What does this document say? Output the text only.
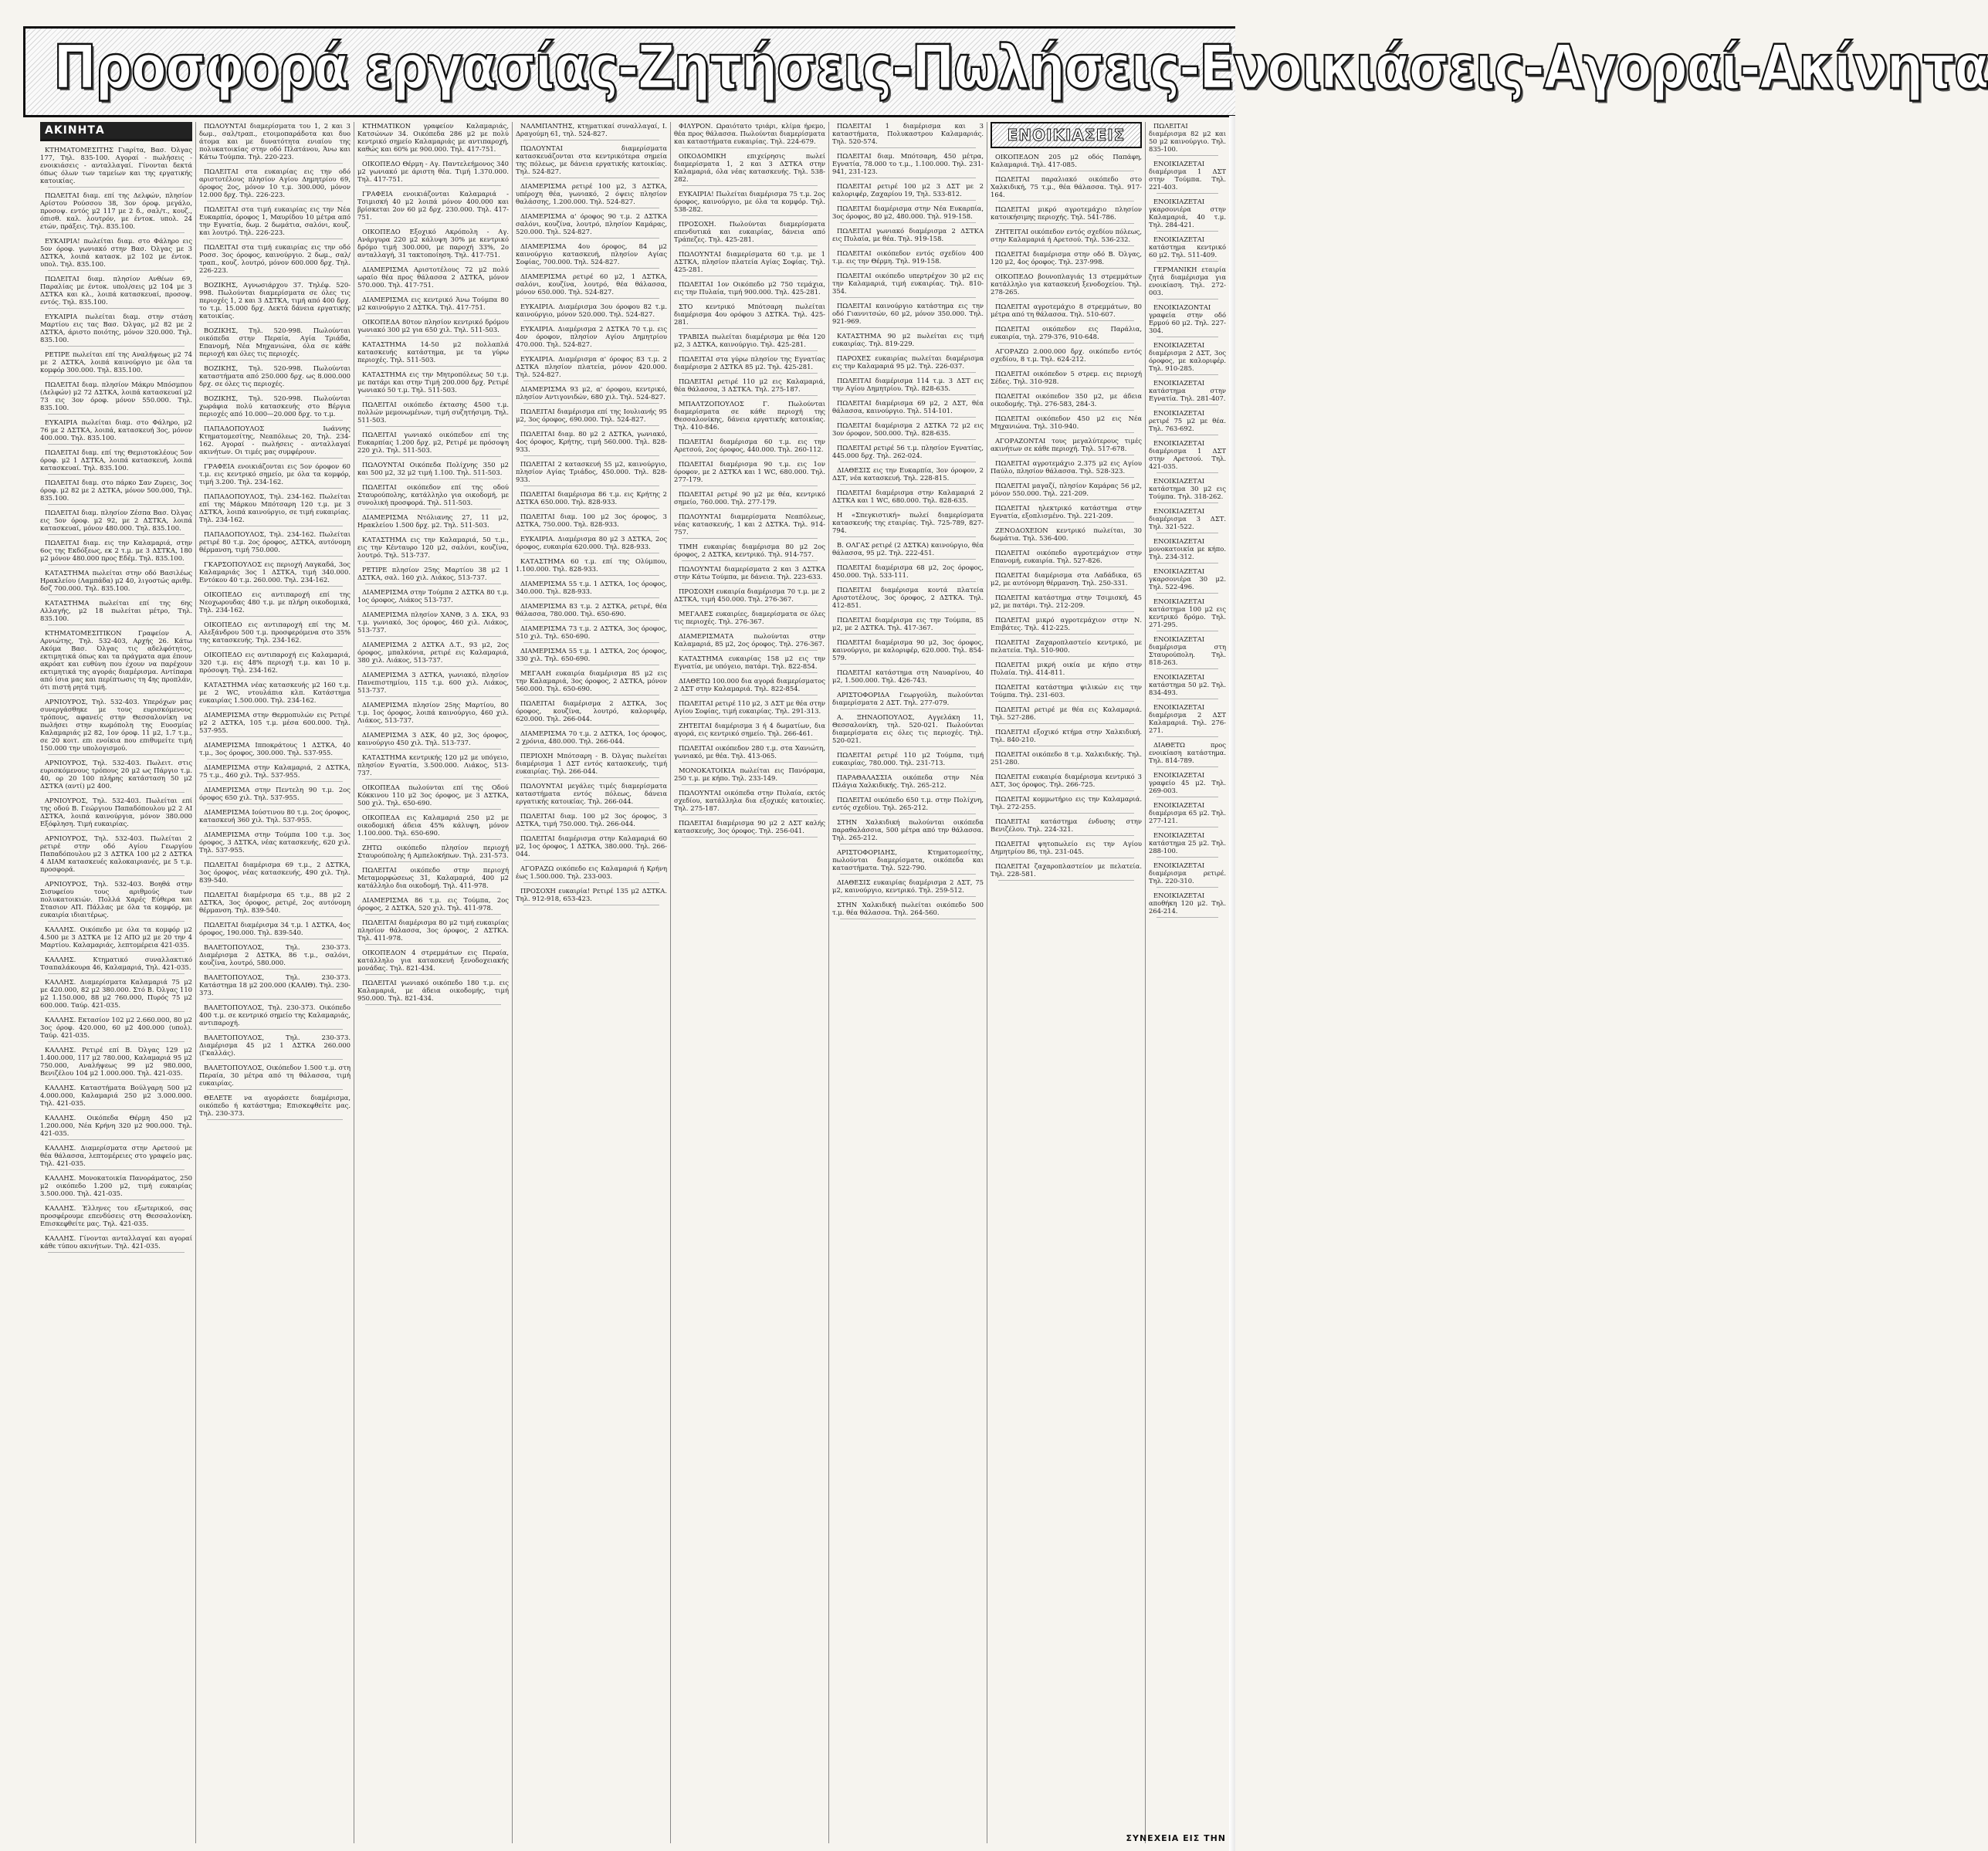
Προσφορά εργασίας-Ζητήσεις-Πωλήσεις-Ενοικιάσεις-Αγοραί-Ακίνητα
ΑΚΙΝΗΤΑ

ΚΤΗΜΑΤΟΜΕΣΙΤΗΣ Γιαρίτα, Βασ. Όλγας 177, Τηλ. 835-100. Αγοραί - πωλήσεις - ενοικιάσεις - ανταλλαγαί. Γίνονται δεκτά όπως όλων των ταμείων και της εργατικής κατοικίας.

ΠΩΛΕΙΤΑΙ διαμ. επί της Δελφών, πλησίον Αρίστου Ρούσσου 38, 3ον όροφ. μεγάλο, προσοψ. εντός μ2 117 με 2 δ., σαλ/τ., κουζ., όπισθ. καλ. λουτρόν, με έντοκ. υπολ. 24 ετών, πράξεις. Τηλ. 835.100.

ΕΥΚΑΙΡΙΑ! πωλείται διαμ. στο Φάληρο εις 5ον όροφ. γωνιακό στην Βασ. Όλγας με 3 ΔΣΤΚΑ, λοιπά κατασκ. μ2 102 με έντοκ. υπολ. Τηλ. 835.100.

ΠΩΛΕΙΤΑΙ διαμ. πλησίον Ανθέων 69, Παραλίας με έντοκ. υπολ/σεις μ2 104 με 3 ΔΣΤΚΑ και κλ., λοιπά κατασκευαί, προσοψ. εντός. Τηλ. 835.100.

ΕΥΚΑΙΡΙΑ πωλείται διαμ. στην στάση Μαρτίου εις τας Βασ. Όλγας, μ2 82 με 2 ΔΣΤΚΑ, άριστο ποιότης, μόνον 320.000. Τηλ. 835.100.

ΡΕΤΙΡΕ πωλείται επί της Αναλήψεως μ2 74 με 2 ΔΣΤΚΑ, λοιπά καινούργιο με όλα τα κομφόρ 300.000. Τηλ. 835.100.

ΠΩΛΕΙΤΑΙ διαμ. πλησίον Μάκρυ Μπόσμπου (Δελφών) μ2 72 ΔΣΤΚΑ, λοιπά κατασκευαί μ2 73 εις 3ον όροφ. μόνον 550.000. Τηλ. 835.100.

ΕΥΚΑΙΡΙΑ πωλείται διαμ. στο Φάληρο, μ2 76 με 2 ΔΣΤΚΑ, λοιπά, κατασκευή 3ος, μόνον 400.000. Τηλ. 835.100.

ΠΩΛΕΙΤΑΙ διαμ. επί της Θεμιστοκλέους 5ον όροφ. μ2 1 ΔΣΤΚΑ, λοιπά κατασκευή, λοιπά κατασκευαί. Τηλ. 835.100.

ΠΩΛΕΙΤΑΙ διαμ. στο πάρκο Σαν Ζυρεις, 3ος όροφ. μ2 82 με 2 ΔΣΤΚΑ, μόνον 500.000, Τηλ. 835.100.

ΠΩΛΕΙΤΑΙ διαμ. πλησίον Ζέσπα Βασ. Όλγας εις 5ον όροφ. μ2 92, με 2 ΔΣΤΚΑ, λοιπά κατασκευαί, μόνον 480.000. Τηλ. 835.100.

ΠΩΛΕΙΤΑΙ διαμ. εις την Καλαμαριά, στην 6ος της Εκδόξεως, εκ 2 τ.μ. με 3 ΔΣΤΚΑ, 180 μ2 μόνον 480.000 προς Εδέμ. Τηλ. 835.100.

ΚΑΤΑΣΤΗΜΑ πωλείται στην οδό Βασιλέως Ηρακλείου (Λαμπάδα) μ2 40, λιγοστώς αριθμ. δσζ 700.000. Τηλ. 835.100.

ΚΑΤΑΣΤΗΜΑ πωλείται επί της 6ης Αλλαγής, μ2 18 πωλείται μέτρο, Τηλ. 835.100.

ΚΤΗΜΑΤΟΜΕΣΙΤΙΚΟΝ Γραφείον Α. Αρνιώτης, Τηλ. 532-403, Αρχής 26. Κάτω Ακόμα Βασ. Όλγας τις αδελφότητος, εκτιμητικά όπως και τα πράγματα αμα έπουν ακρόατ και ευθύνη που έχουν να παρέχουν εκτιμητικά της αγοράς διαμέρισμα. Αντίπαρα από ίσια μας και περίπτωσις τη 4ης προπλάν, ότι πιστή ρητά τιμή.

ΑΡΝΙΟΥΡΟΣ, Τηλ. 532-403. Υπερόχων μας συνεργάσθηκε με τους ευρισκόμενους τρόπους, αφανείς στην Θεσσαλονίκη να πωλήσει στην κωμόπολη της Ευοσμίας Καλαμαριάς μ2 82, 1ον όροφ. 11 μ2, 1.7 τ.μ., σε 20 κοιτ. επι ενοίκια που επιθυμείτε τιμή 150.000 την υπολογισμού.

ΑΡΝΙΟΥΡΟΣ, Τηλ. 532-403. Πωλειτ. στις ευρισκόμενους τρόπους 20 μ2 ως Πάργιο τ.μ. 40, ορ 20 100 πλήρης κατάσταση 50 μ2 ΔΣΤΚΑ (αντί) μ2 400.

ΑΡΝΙΟΥΡΟΣ, Τηλ. 532-403. Πωλείται επί της οδού Β. Γεώργιου Παπαδόπουλου μ2 2 ΑΙ ΔΣΤΚΑ, λοιπά καινούργια, μόνον 380.000 Εξόφληση. Τιμή ευκαιρίας.

ΑΡΝΙΟΥΡΟΣ, Τηλ. 532-403. Πωλείται 2 ρετιρέ στην οδό Αγίου Γεωργίου Παπαδόπουλου μ2 3 ΔΣΤΚΑ 100 μ2 2 ΔΣΤΚΑ 4 ΔΙΑΜ κατασκευές καλοκαιριανές, με 5 τ.μ. προσφορά.

ΑΡΝΙΟΥΡΟΣ, Τηλ. 532-403. Βοηθά στην Σισυφείου τους αριθμούς των πολυκατοικιών. Πολλά Χαρές Εύθερα και Στασιον ΑΠ. Πάλλας με όλα τα κομφόρ, με ευκαιρία ιδιαιτέρως.

ΚΑΛΛΗΣ. Οικόπεδο με όλα τα κομφόρ μ2 4.500 με 3 ΔΣΤΚΑ με 12 ΑΠΟ μ2 με 20 την 4 Μαρτίου. Καλαμαριάς, λεπτομέρεια 421-035.

ΚΑΛΛΗΣ. Κτηματικό συναλλακτικό Τσαπαλάκουρα 46, Καλαμαριά, Τηλ. 421-035.

ΚΑΛΛΗΣ. Διαμερίσματα Καλαμαριά 75 μ2 με 420.000, 82 μ2 380.000. Στό Β. Όλγας 110 μ2 1.150.000, 88 μ2 760.000, Πυρός 75 μ2 600.000. Ταύρ. 421-035.

ΚΑΛΛΗΣ. Εκτασίον 102 μ2 2.660.000, 80 μ2 3ος όροφ. 420.000, 60 μ2 400.000 (υπολ). Ταύρ. 421-035.

ΚΑΛΛΗΣ. Ρετιρέ επί Β. Όλγας 129 μ2 1.400.000, 117 μ2 780.000, Καλαμαριά 95 μ2 750.000, Αναλήψεως 99 μ2 980.000, Βενιζέλου 104 μ2 1.000.000. Τηλ. 421-035.

ΚΑΛΛΗΣ. Καταστήματα Βούλγαρη 500 μ2 4.000.000, Καλαμαριά 250 μ2 3.000.000. Τηλ. 421-035.

ΚΑΛΛΗΣ. Οικόπεδα Θέρμη 450 μ2 1.200.000, Νέα Κρήνη 320 μ2 900.000. Τηλ. 421-035.

ΚΑΛΛΗΣ. Διαμερίσματα στην Αρετσού με θέα θάλασσα, λεπτομέρειες στο γραφείο μας. Τηλ. 421-035.

ΚΑΛΛΗΣ. Μονοκατοικία Πανοράματος, 250 μ2 οικόπεδο 1.200 μ2, τιμή ευκαιρίας 3.500.000. Τηλ. 421-035.

ΚΑΛΛΗΣ. Έλληνες του εξωτερικού, σας προσφέρουμε επενδύσεις στη Θεσσαλονίκη. Επισκεφθείτε μας. Τηλ. 421-035.

ΚΑΛΛΗΣ. Γίνονται ανταλλαγαί και αγοραί κάθε τύπου ακινήτων. Τηλ. 421-035.

ΠΩΛΟΥΝΤΑΙ διαμερίσματα του 1, 2 και 3 δωμ., σαλ/τραπ., ετοιμοπαράδοτα και δυο άτομα και με δυνατότητα ενιαίου της πολυκατοικίας στην οδό Πλατάνου, Άνω και Κάτω Τούμπα. Τηλ. 220-223.

ΠΩΛΕΙΤΑΙ στα ευκαιρίας εις την οδό αριστοτέλους πλησίον Αγίου Δημητρίου 69, όροφος 2ος, μόνον 10 τ.μ. 300.000, μόνον 12.000 δρχ. Τηλ. 226-223.

ΠΩΛΕΙΤΑΙ στα τιμή ευκαιρίας εις την Νέα Ευκαρπία, όροφος 1, Μαυρίδου 10 μέτρα από την Εγνατία, δωμ. 2 δωμάτια, σαλόνι, κουζ. και λουτρό. Τηλ. 226-223.

ΠΩΛΕΙΤΑΙ στα τιμή ευκαιρίας εις την οδό Ροσσ. 3ος όροφος, καινούργιο. 2 δωμ., σαλ/τραπ., κουζ. λουτρό, μόνον 600.000 δρχ. Τηλ. 226-223.

ΒΟΖΙΚΗΣ, Αγνωσιάρχου 37. Τηλέφ. 520-998. Πωλούνται διαμερίσματα σε όλες τις περιοχές 1, 2 και 3 ΔΣΤΚΑ, τιμή από 400 δρχ. το τ.μ. 15.000 δρχ. Δεκτά δάνεια εργατικής κατοικίας.

ΒΟΖΙΚΗΣ, Τηλ. 520-998. Πωλούνται οικόπεδα στην Περαία, Αγία Τριάδα, Επανομή, Νέα Μηχανιώνα, όλα σε κάθε περιοχή και όλες τις περιοχές.

ΒΟΖΙΚΗΣ, Τηλ. 520-998. Πωλούνται καταστήματα από 250.000 δρχ. ως 8.000.000 δρχ. σε όλες τις περιοχές.

ΒΟΖΙΚΗΣ, Τηλ. 520-998. Πωλούνται χωράφια πολύ κατασκευής στο Βέργια περιοχές από 10.000—20.000 δρχ. το τ.μ.

ΠΑΠΑΔΟΠΟΥΛΟΣ Ιωάννης Κτηματομεσίτης, Νεαπόλεως 20, Τηλ. 234-162. Αγοραί - πωλήσεις - ανταλλαγαί ακινήτων. Οι τιμές μας συμφέρουν.

ΓΡΑΦΕΙΑ ενοικιάζονται εις 5ον όροφον 60 τ.μ. εις κεντρικό σημείο, με όλα τα κομφόρ, τιμή 3.200. Τηλ. 234-162.

ΠΑΠΑΔΟΠΟΥΛΟΣ, Τηλ. 234-162. Πωλείται επί της Μάρκου Μπότσαρη 120 τ.μ. με 3 ΔΣΤΚΑ, λοιπά καινούργιο, σε τιμή ευκαιρίας. Τηλ. 234-162.

ΠΑΠΑΔΟΠΟΥΛΟΣ, Τηλ. 234-162. Πωλείται ρετιρέ 80 τ.μ. 2ος όροφος, ΔΣΤΚΑ, αυτόνομη θέρμανση, τιμή 750.000.

ΓΚΑΡΣΟΠΟΥΛΟΣ εις περιοχή Λαγκαδά, 3ος Καλαμαριάς 3ος 1 ΔΣΤΚΑ, τιμή 340.000. Εντόκου 40 τ.μ. 260.000. Τηλ. 234-162.

ΟΙΚΟΠΕΔΟ εις αντιπαροχή επί της Νεοχωρουδας 480 τ.μ. με πλήρη οικοδομικά, Τηλ. 234-162.

ΟΙΚΟΠΕΔΟ εις αντιπαροχή επί της Μ. Αλεξάνδρου 500 τ.μ. προσφερόμενα στο 35% της κατασκευής. Τηλ. 234-162.

ΟΙΚΟΠΕΔΟ εις αντιπαροχή εις Καλαμαριά, 320 τ.μ. εις 48% περιοχή τ.μ. και 10 μ. πρόσοψη. Τηλ. 234-162.

ΚΑΤΑΣΤΗΜΑ νέας κατασκευής μ2 160 τ.μ. με 2 WC, ντουλάπια κλπ. Κατάστημα ευκαιρίας 1.500.000. Τηλ. 234-162.

ΔΙΑΜΕΡΙΣΜΑ στην Θερμοπυλών εις Ρετιρέ μ2 2 ΔΣΤΚΑ, 105 τ.μ. μέσα 600.000. Τηλ. 537-955.

ΔΙΑΜΕΡΙΣΜΑ Ιπποκράτους 1 ΔΣΤΚΑ, 40 τ.μ., 3ος όροφος, 300.000. Τηλ. 537-955.

ΔΙΑΜΕΡΙΣΜΑ στην Καλαμαριά, 2 ΔΣΤΚΑ, 75 τ.μ., 460 χιλ. Τηλ. 537-955.

ΔΙΑΜΕΡΙΣΜΑ στην Πεντελη 90 τ.μ. 2ος όροφος 650 χιλ. Τηλ. 537-955.

ΔΙΑΜΕΡΙΣΜΑ Ιούστινου 80 τ.μ. 2ος όροφος, κατασκευή 360 χιλ. Τηλ. 537-955.

ΔΙΑΜΕΡΙΣΜΑ στην Τούμπα 100 τ.μ. 3ος όροφος, 3 ΔΣΤΚΑ, νέας κατασκευής, 620 χιλ. Τηλ. 537-955.

ΠΩΛΕΙΤΑΙ διαμέρισμα 69 τ.μ., 2 ΔΣΤΚΑ, 3ος όροφος, νέας κατασκευής, 490 χιλ. Τηλ. 839-540.

ΠΩΛΕΙΤΑΙ διαμέρισμα 65 τ.μ., 88 μ2 2 ΔΣΤΚΑ, 3ος όροφος, ρετιρέ, 2ος αυτόνομη θέρμανση. Τηλ. 839-540.

ΠΩΛΕΙΤΑΙ διαμέρισμα 34 τ.μ. 1 ΔΣΤΚΑ, 4ος όροφος, 190.000. Τηλ. 839-540.

ΒΑΛΕΤΟΠΟΥΛΟΣ, Τηλ. 230-373. Διαμέρισμα 2 ΔΣΤΚΑ, 86 τ.μ., σαλόνι, κουζίνα, λουτρό, 580.000.

ΒΑΛΕΤΟΠΟΥΛΟΣ, Τηλ. 230-373. Κατάστημα 18 μ2 200.000 (ΚΑΛΙΘ). Τηλ. 230-373.

ΒΑΛΕΤΟΠΟΥΛΟΣ, Τηλ. 230-373. Οικόπεδο 400 τ.μ. σε κεντρικό σημείο της Καλαμαριάς, αντιπαροχή.

ΒΑΛΕΤΟΠΟΥΛΟΣ, Τηλ. 230-373. Διαμέρισμα 45 μ2 1 ΔΣΤΚΑ 260.000 (Γκαλλάς).

ΒΑΛΕΤΟΠΟΥΛΟΣ, Οικόπεδον 1.500 τ.μ. στη Περαία, 30 μέτρα από τη θάλασσα, τιμή ευκαιρίας.

ΘΕΛΕΤΕ να αγοράσετε διαμέρισμα, οικόπεδο ή κατάστημα; Επισκεφθείτε μας. Τηλ. 230-373.

ΚΤΗΜΑΤΙΚΟΝ γραφείον Καλαμαριάς, Κατσώνων 34. Οικόπεδα 286 μ2 με πολύ κεντρικό σημείο Καλαμαριάς με αντιπαροχή, καθώς και 60% με 900.000. Τηλ. 417-751.

ΟΙΚΟΠΕΔΟ Θέρμη - Αγ. Παντελεήμονος 340 μ2 γωνιακό με άριστη θέα. Τιμή 1.370.000. Τηλ. 417-751.

ΓΡΑΦΕΙΑ ενοικιάζονται Καλαμαριά - Τσιμισκή 40 μ2 λοιπά μόνον 400.000 και βρίσκεται 2ον 60 μ2 δρχ. 230.000. Τηλ. 417-751.

ΟΙΚΟΠΕΔΟ Εξοχικό Ακρόπολη - Αγ. Ανάργυρα 220 μ2 κάλυψη 30% με κεντρικό δρόμο τιμή 300.000, με παροχή 33%, 2ο ανταλλαγή, 31 τακτοποίηση. Τηλ. 417-751.

ΔΙΑΜΕΡΙΣΜΑ Αριστοτέλους 72 μ2 πολύ ωραίο θέα προς θάλασσα 2 ΔΣΤΚΑ, μόνον 570.000. Τηλ. 417-751.

ΔΙΑΜΕΡΙΣΜΑ εις κεντρικό Άνω Τούμπα 80 μ2 καινούργιο 2 ΔΣΤΚΑ. Τηλ. 417-751.

ΟΙΚΟΠΕΔΑ 80τον πλησίον κεντρικό δρόμου γωνιακό 300 μ2 για 650 χιλ. Τηλ. 511-503.

ΚΑΤΑΣΤΗΜΑ 14-50 μ2 πολλαπλά κατασκευής κατάστημα, με τα γύρω περιοχές. Τηλ. 511-503.

ΚΑΤΑΣΤΗΜΑ εις την Μητροπόλεως 50 τ.μ. με πατάρι και στην Τιμή 200.000 δρχ. Ρετιρέ γωνιακό 50 τ.μ. Τηλ. 511-503.

ΠΩΛΕΙΤΑΙ οικόπεδο έκτασης 4500 τ.μ. πολλών μεμονωμένων, τιμή συζητήσιμη. Τηλ. 511-503.

ΠΩΛΕΙΤΑΙ γωνιακό οικόπεδον επί της Ευκαρπίας 1.200 δρχ. μ2, Ρετιρέ με πρόσοψη 220 χιλ. Τηλ. 511-503.

ΠΩΛΟΥΝΤΑΙ Οικόπεδα Πολίχνης 350 μ2 και 500 μ2, 32 μ2 τιμή 1.100. Τηλ. 511-503.

ΠΩΛΕΙΤΑΙ οικόπεδον επί της οδού Σταυρούπολης, κατάλληλο για οικοδομή, με συνολική προσφορά. Τηλ. 511-503.

ΔΙΑΜΕΡΙΣΜΑ Ντόλιανης 27, 11 μ2, Ηρακλείου 1.500 δρχ. μ2. Τηλ. 511-503.

ΚΑΤΑΣΤΗΜΑ εις την Καλαμαριά, 50 τ.μ., εις την Κένταυρο 120 μ2, σαλόνι, κουζίνα, λουτρό. Τηλ. 513-737.

ΡΕΤΙΡΕ πλησίον 25ης Μαρτίου 38 μ2 1 ΔΣΤΚΑ, σαλ. 160 χιλ. Λιάκος, 513-737.

ΔΙΑΜΕΡΙΣΜΑ στην Τούμπα 2 ΔΣΤΚΑ 80 τ.μ. 1ος όροφος, Λιάκος 513-737.

ΔΙΑΜΕΡΙΣΜΑ πλησίον ΧΑΝΘ, 3 Δ. ΣΚΑ, 93 τ.μ. γωνιακό, 3ος όροφος, 460 χιλ. Λιάκος, 513-737.

ΔΙΑΜΕΡΙΣΜΑ 2 ΔΣΤΚΑ Δ.Τ., 93 μ2, 2ος όροφος, μπαλκόνια, ρετιρέ εις Καλαμαριά, 380 χιλ. Λιάκος, 513-737.

ΔΙΑΜΕΡΙΣΜΑ 3 ΔΣΤΚΑ, γωνιακό, πλησίον Πανεπιστημίου, 115 τ.μ. 600 χιλ. Λιάκος, 513-737.

ΔΙΑΜΕΡΙΣΜΑ πλησίον 25ης Μαρτίου, 80 τ.μ. 1ος όροφος, λοιπά καινούργιο, 460 χιλ. Λιάκος, 513-737.

ΔΙΑΜΕΡΙΣΜΑ 3 ΔΣΚ, 40 μ2, 3ος όροφος, καινούργιο 450 χιλ. Τηλ. 513-737.

ΚΑΤΑΣΤΗΜΑ κεντρικής 120 μ2 με υπόγειο, πλησίον Εγνατία, 3.500.000. Λιάκος, 513-737.

ΟΙΚΟΠΕΔΑ πωλούνται επί της Οδού Κόκκινου 110 μ2 3ος όροφος, με 3 ΔΣΤΚΑ, 500 χιλ. Τηλ. 650-690.

ΟΙΚΟΠΕΔΑ εις Καλαμαριά 250 μ2 με οικοδομική άδεια 45% κάλυψη, μόνον 1.100.000. Τηλ. 650-690.

ΖΗΤΩ οικόπεδο πλησίον περιοχή Σταυρούπολης ή Αμπελοκήπων. Τηλ. 231-573.

ΠΩΛΕΙΤΑΙ οικόπεδο στην περιοχή Μεταμορφώσεως 31, Καλαμαριά, 400 μ2 κατάλληλο δια οικοδομή. Τηλ. 411-978.

ΔΙΑΜΕΡΙΣΜΑ 86 τ.μ. εις Τούμπα, 2ος όροφος, 2 ΔΣΤΚΑ, 520 χιλ. Τηλ. 411-978.

ΠΩΛΕΙΤΑΙ διαμέρισμα 80 μ2 τιμή ευκαιρίας πλησίον θάλασσα, 3ος όροφος, 2 ΔΣΤΚΑ. Τηλ. 411-978.

ΟΙΚΟΠΕΔΟΝ 4 στρεμμάτων εις Περαία, κατάλληλο για κατασκευή ξενοδοχειακής μονάδας. Τηλ. 821-434.

ΠΩΛΕΙΤΑΙ γωνιακό οικόπεδο 180 τ.μ. εις Καλαμαριά, με άδεια οικοδομής, τιμή 950.000. Τηλ. 821-434.

ΝΑΛΜΠΑΝΤΗΣ, κτηματικαί συναλλαγαί, Ι. Δραγούμη 61, τηλ. 524-827.

ΠΩΛΟΥΝΤΑΙ διαμερίσματα κατασκευάζονται στα κεντρικότερα σημεία της πόλεως, με δάνεια εργατικής κατοικίας. Τηλ. 524-827.

ΔΙΑΜΕΡΙΣΜΑ ρετιρέ 100 μ2, 3 ΔΣΤΚΑ, υπέροχη θέα, γωνιακό, 2 όψεις πλησίον θαλάσσης, 1.200.000. Τηλ. 524-827.

ΔΙΑΜΕΡΙΣΜΑ α' όροφος 90 τ.μ. 2 ΔΣΤΚΑ σαλόνι, κουζίνα, λουτρό, πλησίον Καμάρας, 520.000. Τηλ. 524-827.

ΔΙΑΜΕΡΙΣΜΑ 4ου όροφος, 84 μ2 καινούργιο κατασκευή, πλησίον Αγίας Σοφίας, 700.000. Τηλ. 524-827.

ΔΙΑΜΕΡΙΣΜΑ ρετιρέ 60 μ2, 1 ΔΣΤΚΑ, σαλόνι, κουζίνα, λουτρό, θέα θάλασσα, μόνον 650.000. Τηλ. 524-827.

ΕΥΚΑΙΡΙΑ. Διαμέρισμα 3ου όροφου 82 τ.μ. καινούργιο, μόνον 520.000. Τηλ. 524-827.

ΕΥΚΑΙΡΙΑ. Διαμέρισμα 2 ΔΣΤΚΑ 70 τ.μ. εις 4ον όροφον, πλησίον Αγίου Δημητρίου 470.000. Τηλ. 524-827.

ΕΥΚΑΙΡΙΑ. Διαμέρισμα α' όροφος 83 τ.μ. 2 ΔΣΤΚΑ πλησίον πλατεία, μόνον 420.000. Τηλ. 524-827.

ΔΙΑΜΕΡΙΣΜΑ 93 μ2, α' όροφου, κεντρικό, πλησίον Αντιγονιδών, 680 χιλ. Τηλ. 524-827.

ΠΩΛΕΙΤΑΙ διαμέρισμα επί της Ιουλιανής 95 μ2, 3ος όροφος, 690.000. Τηλ. 524-827.

ΠΩΛΕΙΤΑΙ διαμ. 80 μ2 2 ΔΣΤΚΑ, γωνιακό, 4ος όροφος, Κρήτης, τιμή 560.000. Τηλ. 828-933.

ΠΩΛΕΙΤΑΙ 2 κατασκευή 55 μ2, καινούργιο, πλησίον Αγίας Τριάδος, 450.000. Τηλ. 828-933.

ΠΩΛΕΙΤΑΙ διαμέρισμα 86 τ.μ. εις Κρήτης 2 ΔΣΤΚΑ 650.000. Τηλ. 828-933.

ΠΩΛΕΙΤΑΙ διαμ. 100 μ2 3ος όροφος, 3 ΔΣΤΚΑ, 750.000. Τηλ. 828-933.

ΕΥΚΑΙΡΙΑ. Διαμέρισμα 80 μ2 3 ΔΣΤΚΑ, 2ος όροφος, ευκαιρία 620.000. Τηλ. 828-933.

ΚΑΤΑΣΤΗΜΑ 60 τ.μ. επί της Ολύμπου, 1.100.000. Τηλ. 828-933.

ΔΙΑΜΕΡΙΣΜΑ 55 τ.μ. 1 ΔΣΤΚΑ, 1ος όροφος, 340.000. Τηλ. 828-933.

ΔΙΑΜΕΡΙΣΜΑ 83 τ.μ. 2 ΔΣΤΚΑ, ρετιρέ, θέα θάλασσα, 780.000. Τηλ. 650-690.

ΔΙΑΜΕΡΙΣΜΑ 73 τ.μ. 2 ΔΣΤΚΑ, 3ος όροφος, 510 χιλ. Τηλ. 650-690.

ΔΙΑΜΕΡΙΣΜΑ 55 τ.μ. 1 ΔΣΤΚΑ, 2ος όροφος, 330 χιλ. Τηλ. 650-690.

ΜΕΓΑΛΗ ευκαιρία διαμέρισμα 85 μ2 εις την Καλαμαριά, 3ος όροφος, 2 ΔΣΤΚΑ, μόνον 560.000. Τηλ. 650-690.

ΠΩΛΕΙΤΑΙ διαμέρισμα 2 ΔΣΤΚΑ, 3ος όροφος, κουζίνα, λουτρό, καλοριφέρ, 620.000. Τηλ. 266-044.

ΔΙΑΜΕΡΙΣΜΑ 70 τ.μ. 2 ΔΣΤΚΑ, 1ος όροφος, 2 χρόνια, 480.000. Τηλ. 266-044.

ΠΕΡΙΟΧΗ Μπότσαρη - Β. Όλγας πωλείται διαμέρισμα 1 ΔΣΤ εντός κατασκευής, τιμή ευκαιρίας. Τηλ. 266-044.

ΠΩΛΟΥΝΤΑΙ μεγάλες τιμές διαμερίσματα καταστήματα εντός πόλεως, δάνεια εργατικής κατοικίας. Τηλ. 266-044.

ΠΩΛΕΙΤΑΙ διαμ. 100 μ2 3ος όροφος, 3 ΔΣΤΚΑ, τιμή 750.000. Τηλ. 266-044.

ΠΩΛΕΙΤΑΙ διαμέρισμα στην Καλαμαριά 60 μ2, 1ος όροφος, 1 ΔΣΤΚΑ, 380.000. Τηλ. 266-044.

ΑΓΟΡΑΖΩ οικόπεδο εις Καλαμαριά ή Κρήνη έως 1.500.000. Τηλ. 233-003.

ΠΡΟΣΟΧΗ ευκαιρία! Ρετιρέ 135 μ2 ΔΣΤΚΑ. Τηλ. 912-918, 653-423.

ΦΙΛΥΡΟΝ. Ωραιότατο τριάρι, κλίμα ήρεμο, θέα προς θάλασσα. Πωλούνται διαμερίσματα και καταστήματα ευκαιρίας. Τηλ. 224-679.

ΟΙΚΟΔΟΜΙΚΗ επιχείρησις πωλεί διαμερίσματα 1, 2 και 3 ΔΣΤΚΑ στην Καλαμαριά, όλα νέας κατασκευής. Τηλ. 538-282.

ΕΥΚΑΙΡΙΑ! Πωλείται διαμέρισμα 75 τ.μ. 2ος όροφος, καινούργιο, με όλα τα κομφόρ. Τηλ. 538-282.

ΠΡΟΣΟΧΗ. Πωλούνται διαμερίσματα επενδυτικά και ευκαιρίας, δάνεια από Τράπεζες. Τηλ. 425-281.

ΠΩΛΟΥΝΤΑΙ διαμερίσματα 60 τ.μ. με 1 ΔΣΤΚΑ, πλησίον πλατεία Αγίας Σοφίας. Τηλ. 425-281.

ΠΩΛΕΙΤΑΙ 1ον Οικόπεδο μ2 750 τεμάχια, εις την Πυλαία, τιμή 900.000. Τηλ. 425-281.

ΣΤΟ κεντρικό Μπότσαρη πωλείται διαμέρισμα 4ου ορόφου 3 ΔΣΤΚΑ. Τηλ. 425-281.

ΤΡΑΒΙΣΑ πωλείται διαμέρισμα με θέα 120 μ2, 3 ΔΣΤΚΑ, καινούργιο. Τηλ. 425-281.

ΠΩΛΕΙΤΑΙ στα γύρω πλησίον της Εγνατίας διαμέρισμα 2 ΔΣΤΚΑ 85 μ2. Τηλ. 425-281.

ΠΩΛΕΙΤΑΙ ρετιρέ 110 μ2 εις Καλαμαριά, θέα θάλασσα, 3 ΔΣΤΚΑ. Τηλ. 275-187.

ΜΠΑΛΤΖΟΠΟΥΛΟΣ Γ. Πωλούνται διαμερίσματα σε κάθε περιοχή της Θεσσαλονίκης, δάνεια εργατικής κατοικίας. Τηλ. 410-846.

ΠΩΛΕΙΤΑΙ διαμέρισμα 60 τ.μ. εις την Αρετσού, 2ος όροφος, 440.000. Τηλ. 260-112.

ΠΩΛΕΙΤΑΙ διαμέρισμα 90 τ.μ. εις 1ον όροφον, με 2 ΔΣΤΚΑ και 1 WC, 680.000. Τηλ. 277-179.

ΠΩΛΕΙΤΑΙ ρετιρέ 90 μ2 με θέα, κεντρικό σημείο, 760.000. Τηλ. 277-179.

ΠΩΛΟΥΝΤΑΙ διαμερίσματα Νεαπόλεως, νέας κατασκευής, 1 και 2 ΔΣΤΚΑ. Τηλ. 914-757.

ΤΙΜΗ ευκαιρίας διαμέρισμα 80 μ2 2ος όροφος, 2 ΔΣΤΚΑ, κεντρικό. Τηλ. 914-757.

ΠΩΛΟΥΝΤΑΙ διαμερίσματα 2 και 3 ΔΣΤΚΑ στην Κάτω Τούμπα, με δάνεια. Τηλ. 223-633.

ΠΡΟΣΟΧΗ ευκαιρία διαμέρισμα 70 τ.μ. με 2 ΔΣΤΚΑ, τιμή 450.000. Τηλ. 276-367.

ΜΕΓΑΛΕΣ ευκαιρίες, διαμερίσματα σε όλες τις περιοχές. Τηλ. 276-367.

ΔΙΑΜΕΡΙΣΜΑΤΑ πωλούνται στην Καλαμαριά, 85 μ2, 2ος όροφος. Τηλ. 276-367.

ΚΑΤΑΣΤΗΜΑ ευκαιρίας 158 μ2 εις την Εγνατία, με υπόγειο, πατάρι. Τηλ. 822-854.

ΔΙΑΘΕΤΩ 100.000 δια αγορά διαμερίσματος 2 ΔΣΤ στην Καλαμαριά. Τηλ. 822-854.

ΠΩΛΕΙΤΑΙ ρετιρέ 110 μ2, 3 ΔΣΤ με θέα στην Αγίου Σοφίας, τιμή ευκαιρίας. Τηλ. 291-313.

ΖΗΤΕΙΤΑΙ διαμέρισμα 3 ή 4 δωματίων, δια αγορά, εις κεντρικό σημείο. Τηλ. 266-461.

ΠΩΛΕΙΤΑΙ οικόπεδον 280 τ.μ. στα Χανιώτη, γωνιακό, με θέα. Τηλ. 413-065.

ΜΟΝΟΚΑΤΟΙΚΙΑ πωλείται εις Πανόραμα, 250 τ.μ. με κήπο. Τηλ. 233-149.

ΠΩΛΟΥΝΤΑΙ οικόπεδα στην Πυλαία, εκτός σχεδίου, κατάλληλα δια εξοχικές κατοικίες. Τηλ. 275-187.

ΠΩΛΕΙΤΑΙ διαμέρισμα 90 μ2 2 ΔΣΤ καλής κατασκευής, 3ος όροφος. Τηλ. 256-041.

ΠΩΛΕΙΤΑΙ 1 διαμέρισμα και 3 καταστήματα, Πολυκαστρου Καλαμαριάς. Τηλ. 520-574.

ΠΩΛΕΙΤΑΙ διαμ. Μπότσαρη, 450 μέτρα, Εγνατία, 78.000 το τ.μ., 1.100.000. Τηλ. 231-941, 231-123.

ΠΩΛΕΙΤΑΙ ρετιρέ 100 μ2 3 ΔΣΤ με 2 καλοριφέρ, Ζαχαρίου 19, Τηλ. 533-812.

ΠΩΛΕΙΤΑΙ διαμέρισμα στην Νέα Ευκαρπία, 3ος όροφος, 80 μ2, 480.000. Τηλ. 919-158.

ΠΩΛΕΙΤΑΙ γωνιακό διαμέρισμα 2 ΔΣΤΚΑ εις Πυλαία, με θέα. Τηλ. 919-158.

ΠΩΛΕΙΤΑΙ οικόπεδον εντός σχεδίου 400 τ.μ. εις την Θέρμη. Τηλ. 919-158.

ΠΩΛΕΙΤΑΙ οικόπεδο υπερτρέχον 30 μ2 εις την Καλαμαριά, τιμή ευκαιρίας. Τηλ. 810-354.

ΠΩΛΕΙΤΑΙ καινούργιο κατάστημα εις την οδό Γιαννιτσών, 60 μ2, μόνον 350.000. Τηλ. 921-969.

ΚΑΤΑΣΤΗΜΑ 90 μ2 πωλείται εις τιμή ευκαιρίας. Τηλ. 819-229.

ΠΑΡΟΧΕΣ ευκαιρίας πωλείται διαμέρισμα εις την Καλαμαριά 95 μ2. Τηλ. 226-037.

ΠΩΛΕΙΤΑΙ διαμέρισμα 114 τ.μ. 3 ΔΣΤ εις την Αγίου Δημητρίου. Τηλ. 828-635.

ΠΩΛΕΙΤΑΙ διαμέρισμα 69 μ2, 2 ΔΣΤ, θέα θάλασσα, καινούργιο. Τηλ. 514-101.

ΠΩΛΕΙΤΑΙ διαμέρισμα 2 ΔΣΤΚΑ 72 μ2 εις 3ον όροφον, 500.000. Τηλ. 828-635.

ΠΩΛΕΙΤΑΙ ρετιρέ 56 τ.μ. πλησίον Εγνατίας, 445.000 δρχ. Τηλ. 262-024.

ΔΙΑΘΕΣΙΣ εις την Ευκαρπία, 3ον όροφον, 2 ΔΣΤ, νέα κατασκευή. Τηλ. 228-815.

ΠΩΛΕΙΤΑΙ διαμέρισμα στην Καλαμαριά 2 ΔΣΤΚΑ και 1 WC, 680.000. Τηλ. 828-635.

Η «Σπεγκιστική» πωλεί διαμερίσματα κατασκευής της εταιρίας. Τηλ. 725-789, 827-794.

Β. ΟΛΓΑΣ ρετιρέ (2 ΔΣΤΚΑ) καινούργιο, θέα θάλασσα, 95 μ2. Τηλ. 222-451.

ΠΩΛΕΙΤΑΙ διαμέρισμα 68 μ2, 2ος όροφος, 450.000. Τηλ. 533-111.

ΠΩΛΕΙΤΑΙ διαμέρισμα κοντά πλατεία Αριστοτέλους, 3ος όροφος, 2 ΔΣΤΚΑ. Τηλ. 412-851.

ΠΩΛΕΙΤΑΙ διαμέρισμα εις την Τούμπα, 85 μ2, με 2 ΔΣΤΚΑ. Τηλ. 417-367.

ΠΩΛΕΙΤΑΙ διαμέρισμα 90 μ2, 3ος όροφος, καινούργιο, με καλοριφέρ, 620.000. Τηλ. 854-579.

ΠΩΛΕΙΤΑΙ κατάστημα στη Ναυαρίνου, 40 μ2, 1.500.000. Τηλ. 426-743.

ΑΡΙΣΤΟΦΟΡΙΔΑ Γεωργούλη, πωλούνται διαμερίσματα 2 ΔΣΤ. Τηλ. 277-079.

Α. ΞΗΝΑΟΠΟΥΛΟΣ, Αγγελάκη 11, Θεσσαλονίκη, τηλ. 520-021. Πωλούνται διαμερίσματα εις όλες τις περιοχές. Τηλ. 520-021.

ΠΩΛΕΙΤΑΙ ρετιρέ 110 μ2 Τούμπα, τιμή ευκαιρίας, 780.000. Τηλ. 231-713.

ΠΑΡΑΘΑΛΑΣΣΙΑ οικόπεδα στην Νέα Πλάγια Χαλκιδικής. Τηλ. 265-212.

ΠΩΛΕΙΤΑΙ οικόπεδο 650 τ.μ. στην Πολίχνη, εντός σχεδίου. Τηλ. 265-212.

ΣΤΗΝ Χαλκιδική πωλούνται οικόπεδα παραθαλάσσια, 500 μέτρα από την θάλασσα. Τηλ. 265-212.

ΑΡΙΣΤΟΦΟΡΙΔΗΣ, Κτηματομεσίτης, πωλούνται διαμερίσματα, οικόπεδα και καταστήματα. Τηλ. 522-790.

ΔΙΑΘΕΣΙΣ ευκαιρίας διαμέρισμα 2 ΔΣΤ, 75 μ2, καινούργιο, κεντρικό. Τηλ. 259-512.

ΣΤΗΝ Χαλκιδική πωλείται οικόπεδο 500 τ.μ. θέα θάλασσα. Τηλ. 264-560.

ΕΝΟΙΚΙΑΣΕΙΣ

ΟΙΚΟΠΕΔΟΝ 205 μ2 οδός Παπάφη, Καλαμαριά. Τηλ. 417-085.

ΠΩΛΕΙΤΑΙ παραλιακό οικόπεδο στο Χαλκιδική, 75 τ.μ., θέα θάλασσα. Τηλ. 917-164.

ΠΩΛΕΙΤΑΙ μικρό αγροτεμάχιο πλησίον κατοικήσιμης περιοχής. Τηλ. 541-786.

ΖΗΤΕΙΤΑΙ οικόπεδον εντός σχεδίου πόλεως, στην Καλαμαριά ή Αρετσού. Τηλ. 536-232.

ΠΩΛΕΙΤΑΙ διαμέρισμα στην οδό Β. Όλγας, 120 μ2, 4ος όροφος. Τηλ. 237-998.

ΟΙΚΟΠΕΔΟ βουνοπλαγιάς 13 στρεμμάτων κατάλληλο για κατασκευή ξενοδοχείου. Τηλ. 278-265.

ΠΩΛΕΙΤΑΙ αγροτεμάχιο 8 στρεμμάτων, 80 μέτρα από τη θάλασσα. Τηλ. 510-607.

ΠΩΛΕΙΤΑΙ οικόπεδον εις Παράλια, ευκαιρία, τηλ. 279-376, 910-648.

ΑΓΟΡΑΖΩ 2.000.000 δρχ. οικόπεδο εντός σχεδίου, 8 τ.μ. Τηλ. 624-212.

ΠΩΛΕΙΤΑΙ οικόπεδον 5 στρεμ. εις περιοχή Σέδες. Τηλ. 310-928.

ΠΩΛΕΙΤΑΙ οικόπεδον 350 μ2, με άδεια οικοδομής. Τηλ. 276-583, 284-3.

ΠΩΛΕΙΤΑΙ οικόπεδον 450 μ2 εις Νέα Μηχανιώνα. Τηλ. 310-940.

ΑΓΟΡΑΖΟΝΤΑΙ τους μεγαλύτερους τιμές ακινήτων σε κάθε περιοχή. Τηλ. 517-678.

ΠΩΛΕΙΤΑΙ αγροτεμάχιο 2.375 μ2 εις Αγίου Παύλο, πλησίον θάλασσα. Τηλ. 528-323.

ΠΩΛΕΙΤΑΙ μαγαζί, πλησίον Καμάρας 56 μ2, μόνον 550.000. Τηλ. 221-209.

ΠΩΛΕΙΤΑΙ ηλεκτρικό κατάστημα στην Εγνατία, εξοπλισμένο. Τηλ. 221-209.

ΖΕΝΟΔΟΧΕΙΟΝ κεντρικό πωλείται, 30 δωμάτια. Τηλ. 536-400.

ΠΩΛΕΙΤΑΙ οικόπεδο αγροτεμάχιον στην Επανομή, ευκαιρία. Τηλ. 527-826.

ΠΩΛΕΙΤΑΙ διαμέρισμα στα Λαδάδικα, 65 μ2, με αυτόνομη θέρμανση. Τηλ. 250-331.

ΠΩΛΕΙΤΑΙ κατάστημα στην Τσιμισκή, 45 μ2, με πατάρι. Τηλ. 212-209.

ΠΩΛΕΙΤΑΙ μικρό αγροτεμάχιον στην Ν. Επιβάτες. Τηλ. 412-225.

ΠΩΛΕΙΤΑΙ Ζαχαροπλαστείο κεντρικό, με πελατεία. Τηλ. 510-900.

ΠΩΛΕΙΤΑΙ μικρή οικία με κήπο στην Πυλαία. Τηλ. 414-811.

ΠΩΛΕΙΤΑΙ κατάστημα ψιλικών εις την Τούμπα. Τηλ. 231-603.

ΠΩΛΕΙΤΑΙ ρετιρέ με θέα εις Καλαμαριά. Τηλ. 527-286.

ΠΩΛΕΙΤΑΙ εξοχικό κτήμα στην Χαλκιδική. Τηλ. 840-210.

ΠΩΛΕΙΤΑΙ οικόπεδο 8 τ.μ. Χαλκιδικής. Τηλ. 251-280.

ΠΩΛΕΙΤΑΙ ευκαιρία διαμέρισμα κεντρικό 3 ΔΣΤ, 3ος όροφος. Τηλ. 266-725.

ΠΩΛΕΙΤΑΙ κομμωτήριο εις την Καλαμαριά. Τηλ. 272-255.

ΠΩΛΕΙΤΑΙ κατάστημα ένδυσης στην Βενιζέλου. Τηλ. 224-321.

ΠΩΛΕΙΤΑΙ ψητοπωλείο εις την Αγίου Δημητρίου 86, τηλ. 231-045.

ΠΩΛΕΙΤΑΙ ζαχαροπλαστείον με πελατεία. Τηλ. 228-581.

ΠΩΛΕΙΤΑΙ διαμέρισμα 82 μ2 και 50 μ2 καινούργιο. Τηλ. 835-100.

ΕΝΟΙΚΙΑΖΕΤΑΙ διαμέρισμα 1 ΔΣΤ στην Τούμπα. Τηλ. 221-403.

ΕΝΟΙΚΙΑΖΕΤΑΙ γκαρσονιέρα στην Καλαμαριά, 40 τ.μ. Τηλ. 284-421.

ΕΝΟΙΚΙΑΖΕΤΑΙ κατάστημα κεντρικό 60 μ2. Τηλ. 511-409.

ΓΕΡΜΑΝΙΚΗ εταιρία ζητά διαμέρισμα για ενοικίαση. Τηλ. 272-003.

ΕΝΟΙΚΙΑΖΟΝΤΑΙ γραφεία στην οδό Ερμού 60 μ2. Τηλ. 227-304.

ΕΝΟΙΚΙΑΖΕΤΑΙ διαμέρισμα 2 ΔΣΤ, 3ος όροφος, με καλοριφέρ. Τηλ. 910-285.

ΕΝΟΙΚΙΑΖΕΤΑΙ κατάστημα στην Εγνατία. Τηλ. 281-407.

ΕΝΟΙΚΙΑΖΕΤΑΙ ρετιρέ 75 μ2 με θέα. Τηλ. 763-692.

ΕΝΟΙΚΙΑΖΕΤΑΙ διαμέρισμα 1 ΔΣΤ στην Αρετσού. Τηλ. 421-035.

ΕΝΟΙΚΙΑΖΕΤΑΙ κατάστημα 30 μ2 εις Τούμπα. Τηλ. 318-262.

ΕΝΟΙΚΙΑΖΕΤΑΙ διαμέρισμα 3 ΔΣΤ. Τηλ. 321-522.

ΕΝΟΙΚΙΑΖΕΤΑΙ μονοκατοικία με κήπο. Τηλ. 234-312.

ΕΝΟΙΚΙΑΖΕΤΑΙ γκαρσονιέρα 30 μ2. Τηλ. 522-496.

ΕΝΟΙΚΙΑΖΕΤΑΙ κατάστημα 100 μ2 εις κεντρικό δρόμο. Τηλ. 271-295.

ΕΝΟΙΚΙΑΖΕΤΑΙ διαμέρισμα στη Σταυρούπολη. Τηλ. 818-263.

ΕΝΟΙΚΙΑΖΕΤΑΙ κατάστημα 50 μ2. Τηλ. 834-493.

ΕΝΟΙΚΙΑΖΕΤΑΙ διαμέρισμα 2 ΔΣΤ Καλαμαριά. Τηλ. 276-271.

ΔΙΑΘΕΤΩ προς ενοικίαση κατάστημα. Τηλ. 814-789.

ΕΝΟΙΚΙΑΖΕΤΑΙ γραφείο 45 μ2. Τηλ. 269-003.

ΕΝΟΙΚΙΑΖΕΤΑΙ διαμέρισμα 65 μ2. Τηλ. 277-121.

ΕΝΟΙΚΙΑΖΕΤΑΙ κατάστημα 25 μ2. Τηλ. 288-100.

ΕΝΟΙΚΙΑΖΕΤΑΙ διαμέρισμα ρετιρέ. Τηλ. 220-310.

ΕΝΟΙΚΙΑΖΕΤΑΙ αποθήκη 120 μ2. Τηλ. 264-214.

ΣΥΝΕΧΕΙΑ ΕΙΣ ΤΗΝ
